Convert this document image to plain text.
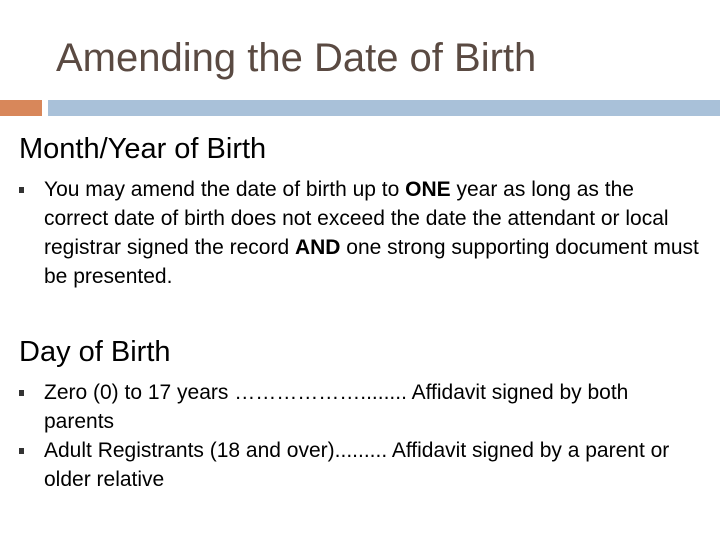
Amending the Date of Birth
Month/Year of Birth
You may amend the date of birth up to ONE year as long as the correct date of birth does not exceed the date the attendant or local registrar signed the record AND one strong supporting document must be presented.
Day of Birth
Zero (0) to 17 years ………………........ Affidavit signed by both parents
Adult Registrants (18 and over)......... Affidavit signed by a parent or older relative
